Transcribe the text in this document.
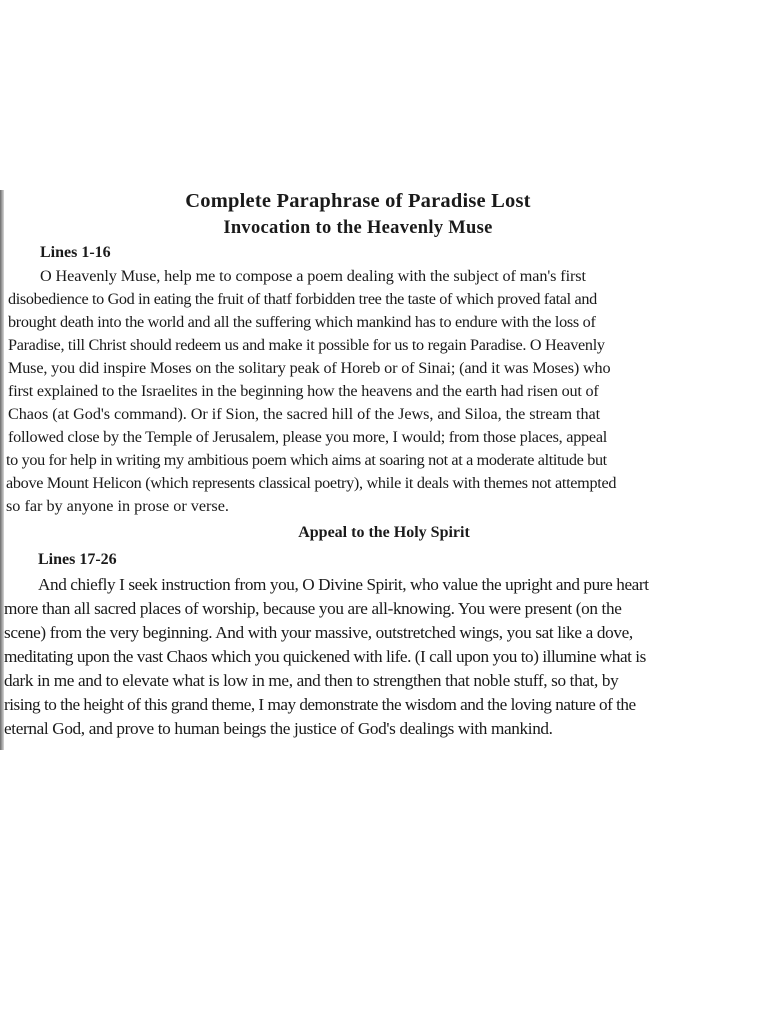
Complete Paraphrase of Paradise Lost
Invocation to the Heavenly Muse
Lines 1-16
O Heavenly Muse, help me to compose a poem dealing with the subject of man's first
disobedience to God in eating the fruit of thatf forbidden tree the taste of which proved fatal and
brought death into the world and all the suffering which mankind has to endure with the loss of
Paradise, till Christ should redeem us and make it possible for us to regain Paradise. O Heavenly
Muse, you did inspire Moses on the solitary peak of Horeb or of Sinai; (and it was Moses) who
first explained to the Israelites in the beginning how the heavens and the earth had risen out of
Chaos (at God's command). Or if Sion, the sacred hill of the Jews, and Siloa, the stream that
followed close by the Temple of Jerusalem, please you more, I would; from those places, appeal
to you for help in writing my ambitious poem which aims at soaring not at a moderate altitude but
above Mount Helicon (which represents classical poetry), while it deals with themes not attempted
so far by anyone in prose or verse.
Appeal to the Holy Spirit
Lines 17-26
And chiefly I seek instruction from you, O Divine Spirit, who value the upright and pure heart
more than all sacred places of worship, because you are all-knowing. You were present (on the
scene) from the very beginning. And with your massive, outstretched wings, you sat like a dove,
meditating upon the vast Chaos which you quickened with life. (I call upon you to) illumine what is
dark in me and to elevate what is low in me, and then to strengthen that noble stuff, so that, by
rising to the height of this grand theme, I may demonstrate the wisdom and the loving nature of the
eternal God, and prove to human beings the justice of God's dealings with mankind.
